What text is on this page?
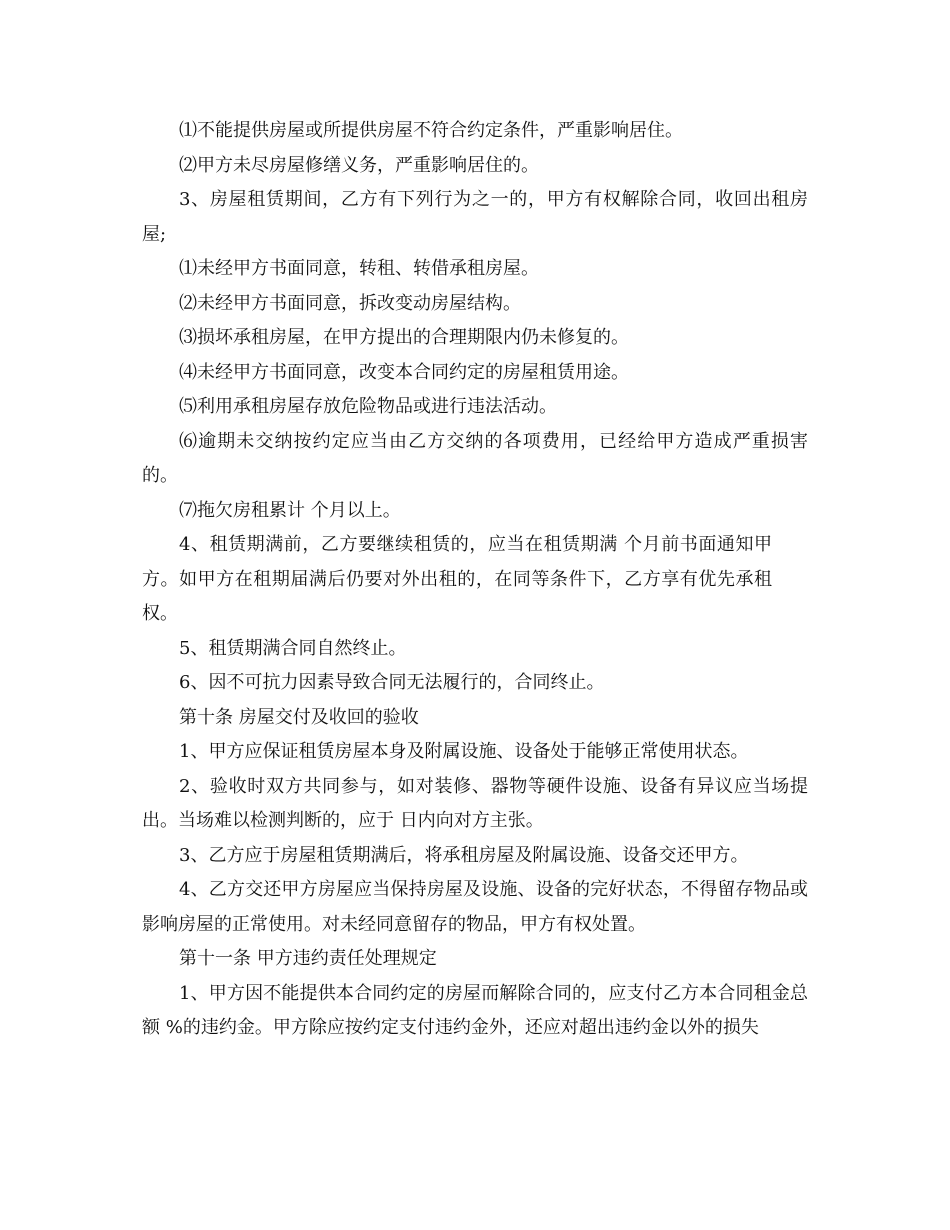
⑴不能提供房屋或所提供房屋不符合约定条件，严重影响居住。

⑵甲方未尽房屋修缮义务，严重影响居住的。

3、房屋租赁期间，乙方有下列行为之一的，甲方有权解除合同，收回出租房屋;

⑴未经甲方书面同意，转租、转借承租房屋。

⑵未经甲方书面同意，拆改变动房屋结构。

⑶损坏承租房屋，在甲方提出的合理期限内仍未修复的。

⑷未经甲方书面同意，改变本合同约定的房屋租赁用途。

⑸利用承租房屋存放危险物品或进行违法活动。

⑹逾期未交纳按约定应当由乙方交纳的各项费用，已经给甲方造成严重损害的。

⑺拖欠房租累计 个月以上。

4、租赁期满前，乙方要继续租赁的，应当在租赁期满 个月前书面通知甲方。如甲方在租期届满后仍要对外出租的，在同等条件下，乙方享有优先承租权。

5、租赁期满合同自然终止。

6、因不可抗力因素导致合同无法履行的，合同终止。

第十条 房屋交付及收回的验收

1、甲方应保证租赁房屋本身及附属设施、设备处于能够正常使用状态。

2、验收时双方共同参与，如对装修、器物等硬件设施、设备有异议应当场提出。当场难以检测判断的，应于 日内向对方主张。

3、乙方应于房屋租赁期满后，将承租房屋及附属设施、设备交还甲方。

4、乙方交还甲方房屋应当保持房屋及设施、设备的完好状态，不得留存物品或影响房屋的正常使用。对未经同意留存的物品，甲方有权处置。

第十一条 甲方违约责任处理规定

1、甲方因不能提供本合同约定的房屋而解除合同的，应支付乙方本合同租金总额 %的违约金。甲方除应按约定支付违约金外，还应对超出违约金以外的损失
